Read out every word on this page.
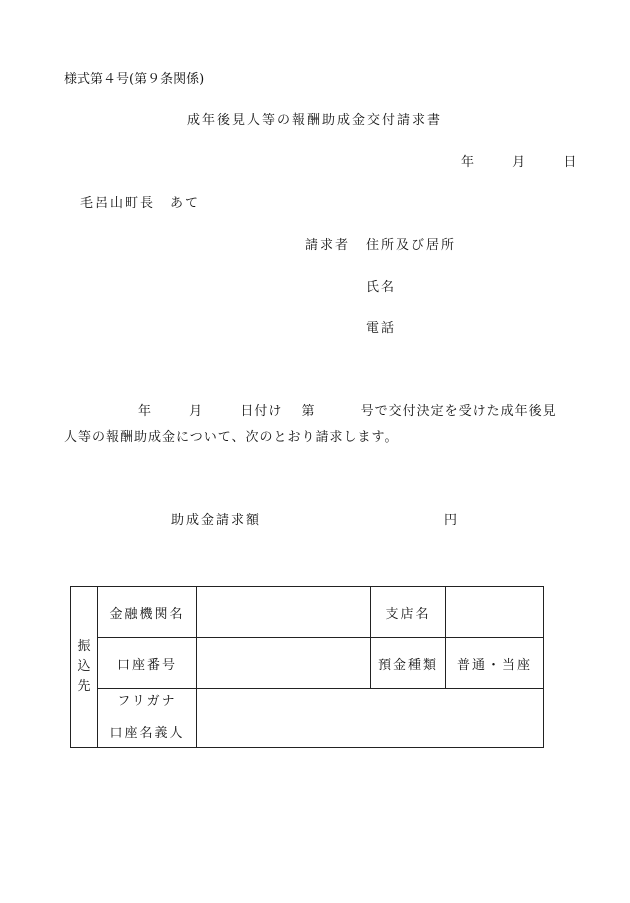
様式第４号(第９条関係)
成年後見人等の報酬助成金交付請求書
年	月	日
毛呂山町長　あて
請求者 住所及び居所
氏名
電話
年	月	日付け 第	号で交付決定を受けた成年後見
人等の報酬助成金について、次のとおり請求します。
助成金請求額	円
振
込
先	金融機関名		支店名	
	口座番号		預金種類	普通・当座

	フリガナ
口座名義人			
